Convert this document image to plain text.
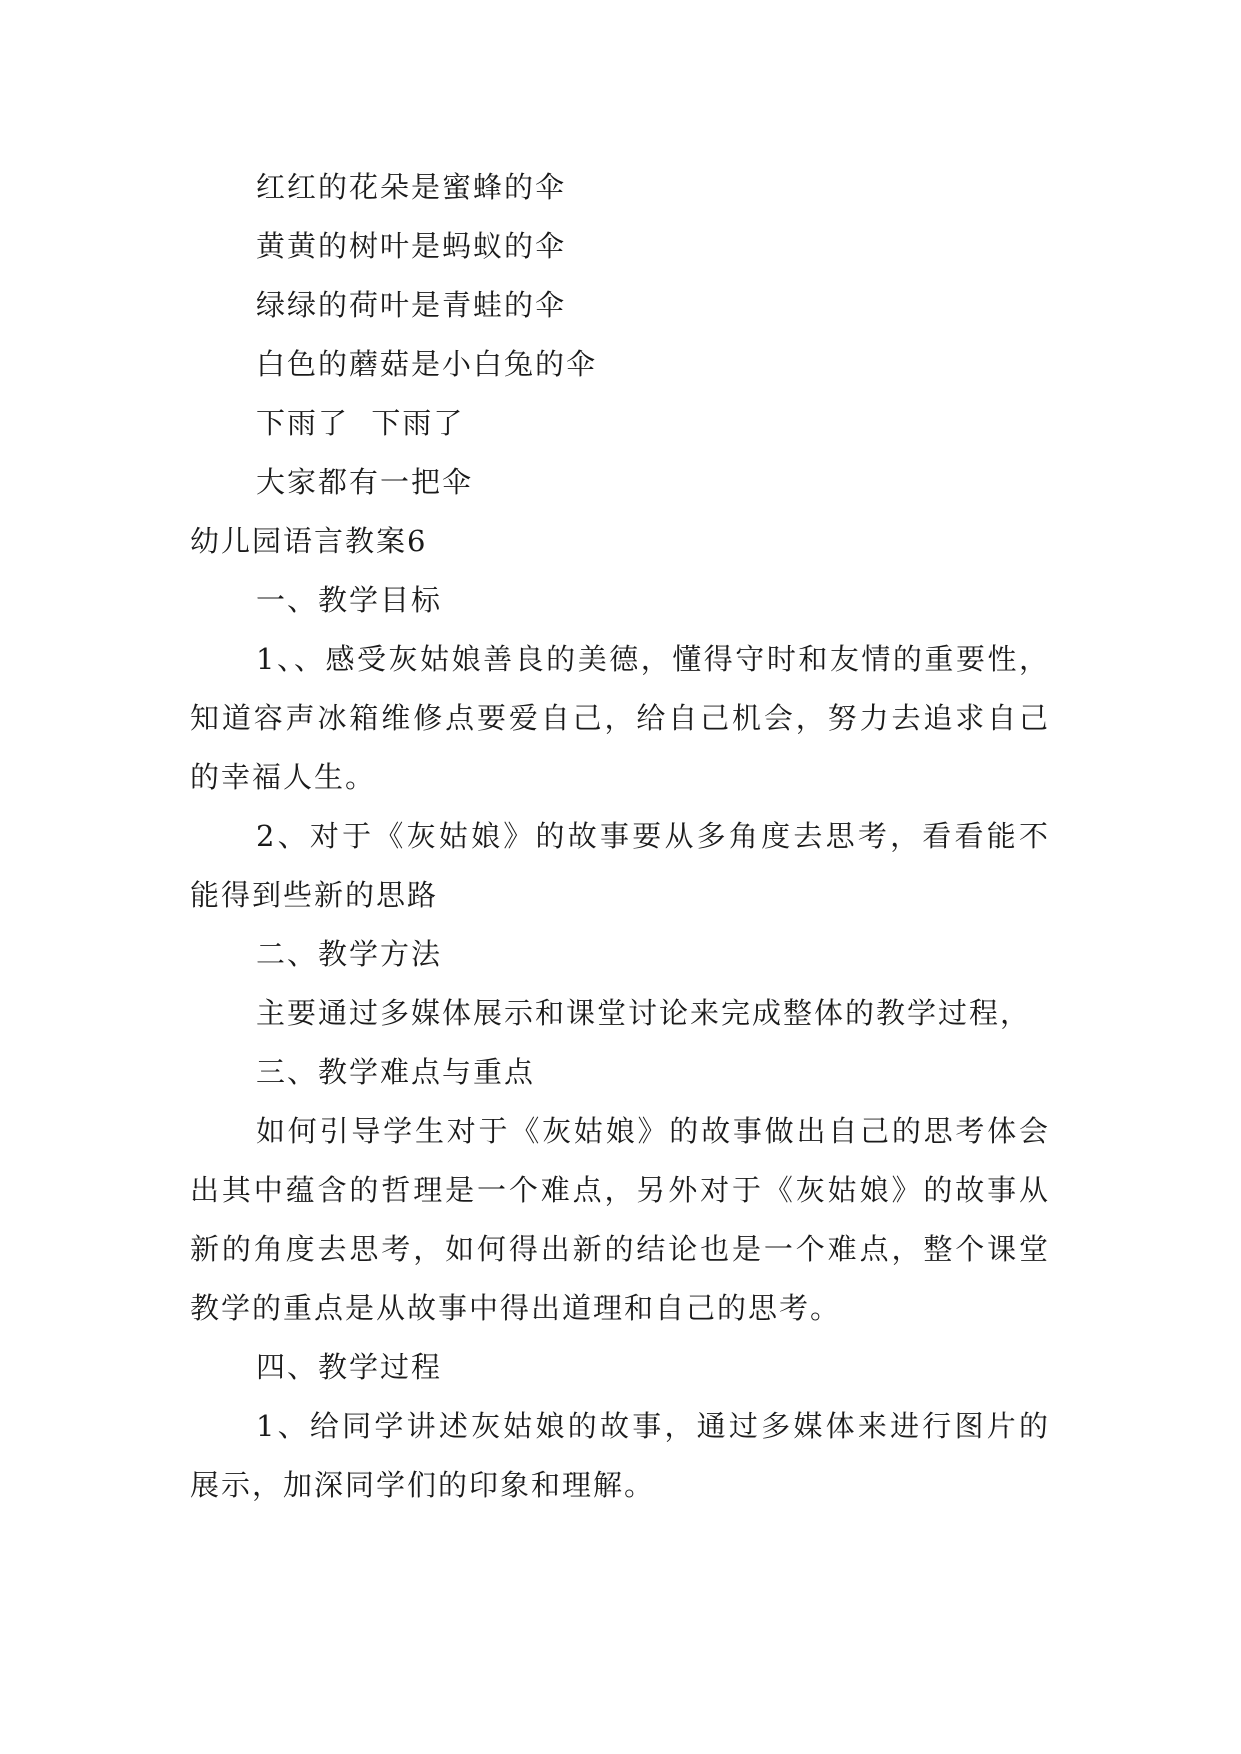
红红的花朵是蜜蜂的伞
黄黄的树叶是蚂蚁的伞
绿绿的荷叶是青蛙的伞
白色的蘑菇是小白兔的伞
下雨了  下雨了
大家都有一把伞
幼儿园语言教案6
一、教学目标
1、、感受灰姑娘善良的美德，懂得守时和友情的重要性，知道容声冰箱维修点要爱自己，给自己机会，努力去追求自己的幸福人生。
2、对于《灰姑娘》的故事要从多角度去思考，看看能不能得到些新的思路
二、教学方法
主要通过多媒体展示和课堂讨论来完成整体的教学过程，
三、教学难点与重点
如何引导学生对于《灰姑娘》的故事做出自己的思考体会出其中蕴含的哲理是一个难点，另外对于《灰姑娘》的故事从新的角度去思考，如何得出新的结论也是一个难点，整个课堂教学的重点是从故事中得出道理和自己的思考。
四、教学过程
1、给同学讲述灰姑娘的故事，通过多媒体来进行图片的展示，加深同学们的印象和理解。
